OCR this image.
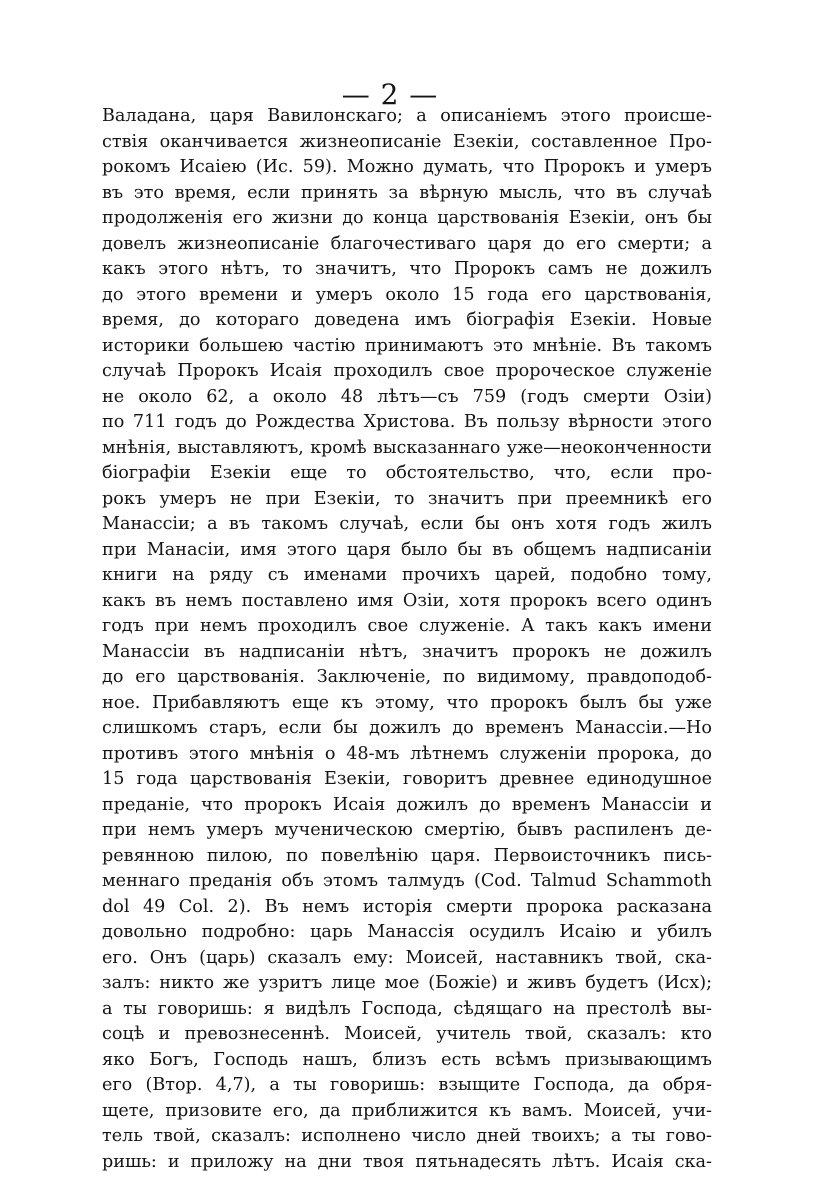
— 2 —
Валадана, царя Вавилонскаго; а описаніемъ этого происше-
ствія оканчивается жизнеописаніе Езекіи, составленное Про-
рокомъ Исаіею (Ис. 59). Можно думать, что Пророкъ и умеръ
въ это время, если принять за вѣрную мысль, что въ случаѣ
продолженія его жизни до конца царствованія Езекіи, онъ бы
довелъ жизнеописаніе благочестиваго царя до его смерти; а
какъ этого нѣтъ, то значитъ, что Пророкъ самъ не дожилъ
до этого времени и умеръ около 15 года его царствованія,
время, до котораго доведена имъ біографія Езекіи. Новые
историки большею частію принимаютъ это мнѣніе. Въ такомъ
случаѣ Пророкъ Исаія проходилъ свое пророческое служеніе
не около 62, а около 48 лѣтъ—съ 759 (годъ смерти Озіи)
по 711 годъ до Рождества Христова. Въ пользу вѣрности этого
мнѣнія, выставляютъ, кромѣ высказаннаго уже—неоконченности
біографіи Езекіи еще то обстоятельство, что, если про-
рокъ умеръ не при Езекіи, то значитъ при преемникѣ его
Манассіи; а въ такомъ случаѣ, если бы онъ хотя годъ жилъ
при Манасіи, имя этого царя было бы въ общемъ надписаніи
книги на ряду съ именами прочихъ царей, подобно тому,
какъ въ немъ поставлено имя Озіи, хотя пророкъ всего одинъ
годъ при немъ проходилъ свое служеніе. А такъ какъ имени
Манассіи въ надписаніи нѣтъ, значитъ пророкъ не дожилъ
до его царствованія. Заключеніе, по видимому, правдоподоб-
ное. Прибавляютъ еще къ этому, что пророкъ былъ бы уже
слишкомъ старъ, если бы дожилъ до временъ Манассіи.—Но
противъ этого мнѣнія о 48-мъ лѣтнемъ служеніи пророка, до
15 года царствованія Езекіи, говоритъ древнее единодушное
преданіе, что пророкъ Исаія дожилъ до временъ Манассіи и
при немъ умеръ мученическою смертію, бывъ распиленъ де-
ревянною пилою, по повелѣнію царя. Первоисточникъ пись-
меннаго преданія объ этомъ талмудъ (Cod. Talmud Schammoth
dol 49 Col. 2). Въ немъ исторія смерти пророка расказана
довольно подробно: царь Манассія осудилъ Исаію и убилъ
его. Онъ (царь) сказалъ ему: Моисей, наставникъ твой, ска-
залъ: никто же узритъ лице мое (Божіе) и живъ будетъ (Исх);
а ты говоришь: я видѣлъ Господа, сѣдящаго на престолѣ вы-
соцѣ и превознесеннѣ. Моисей, учитель твой, сказалъ: кто
яко Богъ, Господь нашъ, близъ есть всѣмъ призывающимъ
его (Втор. 4,7), а ты говоришь: взыщите Господа, да обря-
щете, призовите его, да приближится къ вамъ. Моисей, учи-
тель твой, сказалъ: исполнено число дней твоихъ; а ты гово-
ришь: и приложу на дни твоя пятьнадесять лѣтъ. Исаія ска-
